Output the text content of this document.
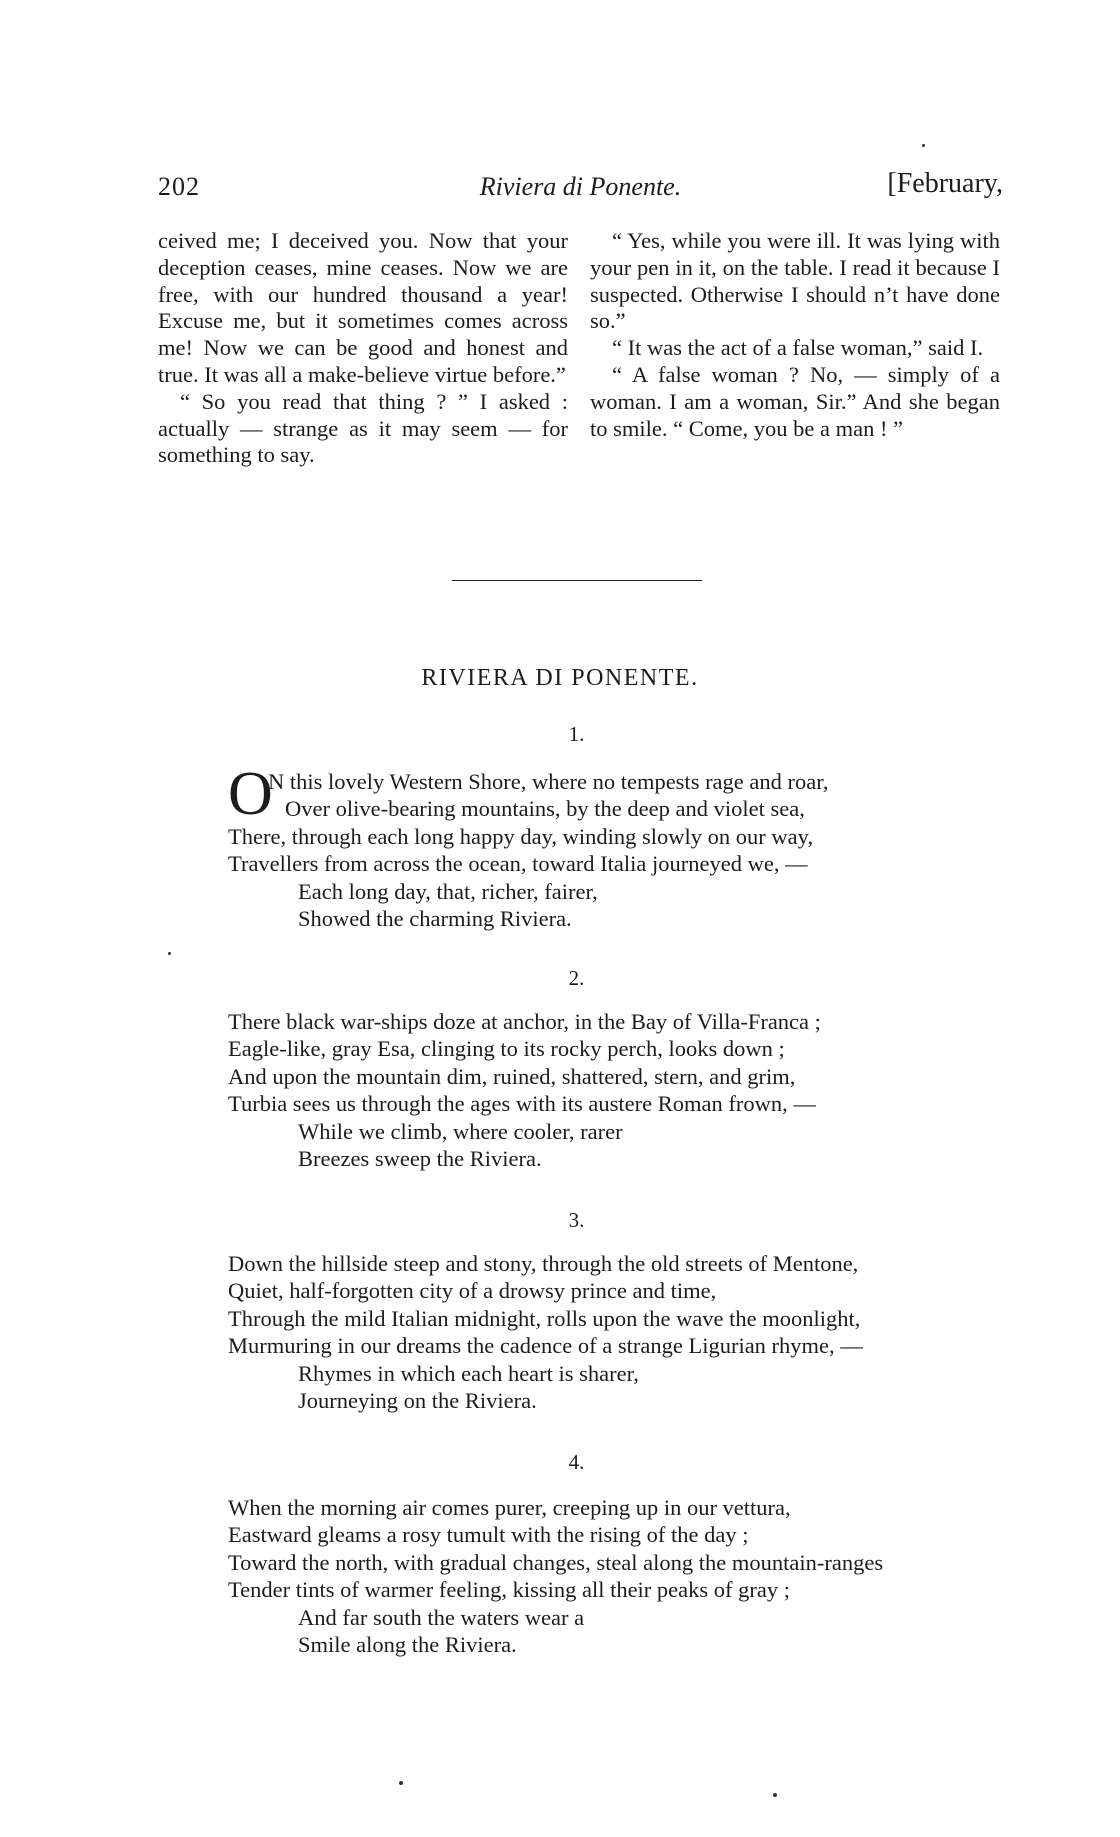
202	Riviera di Ponente.	[February,

ceived me; I deceived you. Now that your deception ceases, mine ceases. Now we are free, with our hundred thousand a year! Excuse me, but it sometimes comes across me! Now we can be good and honest and true. It was all a make-believe virtue before.”

“ So you read that thing ? ” I asked : actually — strange as it may seem — for something to say.

“ Yes, while you were ill. It was lying with your pen in it, on the table. I read it because I suspected. Otherwise I should n’t have done so.”

“ It was the act of a false woman,” said I.

“ A false woman ? No, — simply of a woman. I am a woman, Sir.” And she began to smile. “ Come, you be a man ! ”

RIVIERA DI PONENTE.
1.
O
N this lovely Western Shore, where no tempests rage and roar,
Over olive-bearing mountains, by the deep and violet sea,
There, through each long happy day, winding slowly on our way,
Travellers from across the ocean, toward Italia journeyed we, —
Each long day, that, richer, fairer,
Showed the charming Riviera.
2.
There black war-ships doze at anchor, in the Bay of Villa-Franca ;
Eagle-like, gray Esa, clinging to its rocky perch, looks down ;
And upon the mountain dim, ruined, shattered, stern, and grim,
Turbia sees us through the ages with its austere Roman frown, —
While we climb, where cooler, rarer
Breezes sweep the Riviera.
3.
Down the hillside steep and stony, through the old streets of Mentone,
Quiet, half-forgotten city of a drowsy prince and time,
Through the mild Italian midnight, rolls upon the wave the moonlight,
Murmuring in our dreams the cadence of a strange Ligurian rhyme, —
Rhymes in which each heart is sharer,
Journeying on the Riviera.
4.
When the morning air comes purer, creeping up in our vettura,
Eastward gleams a rosy tumult with the rising of the day ;
Toward the north, with gradual changes, steal along the mountain-ranges
Tender tints of warmer feeling, kissing all their peaks of gray ;
And far south the waters wear a
Smile along the Riviera.
